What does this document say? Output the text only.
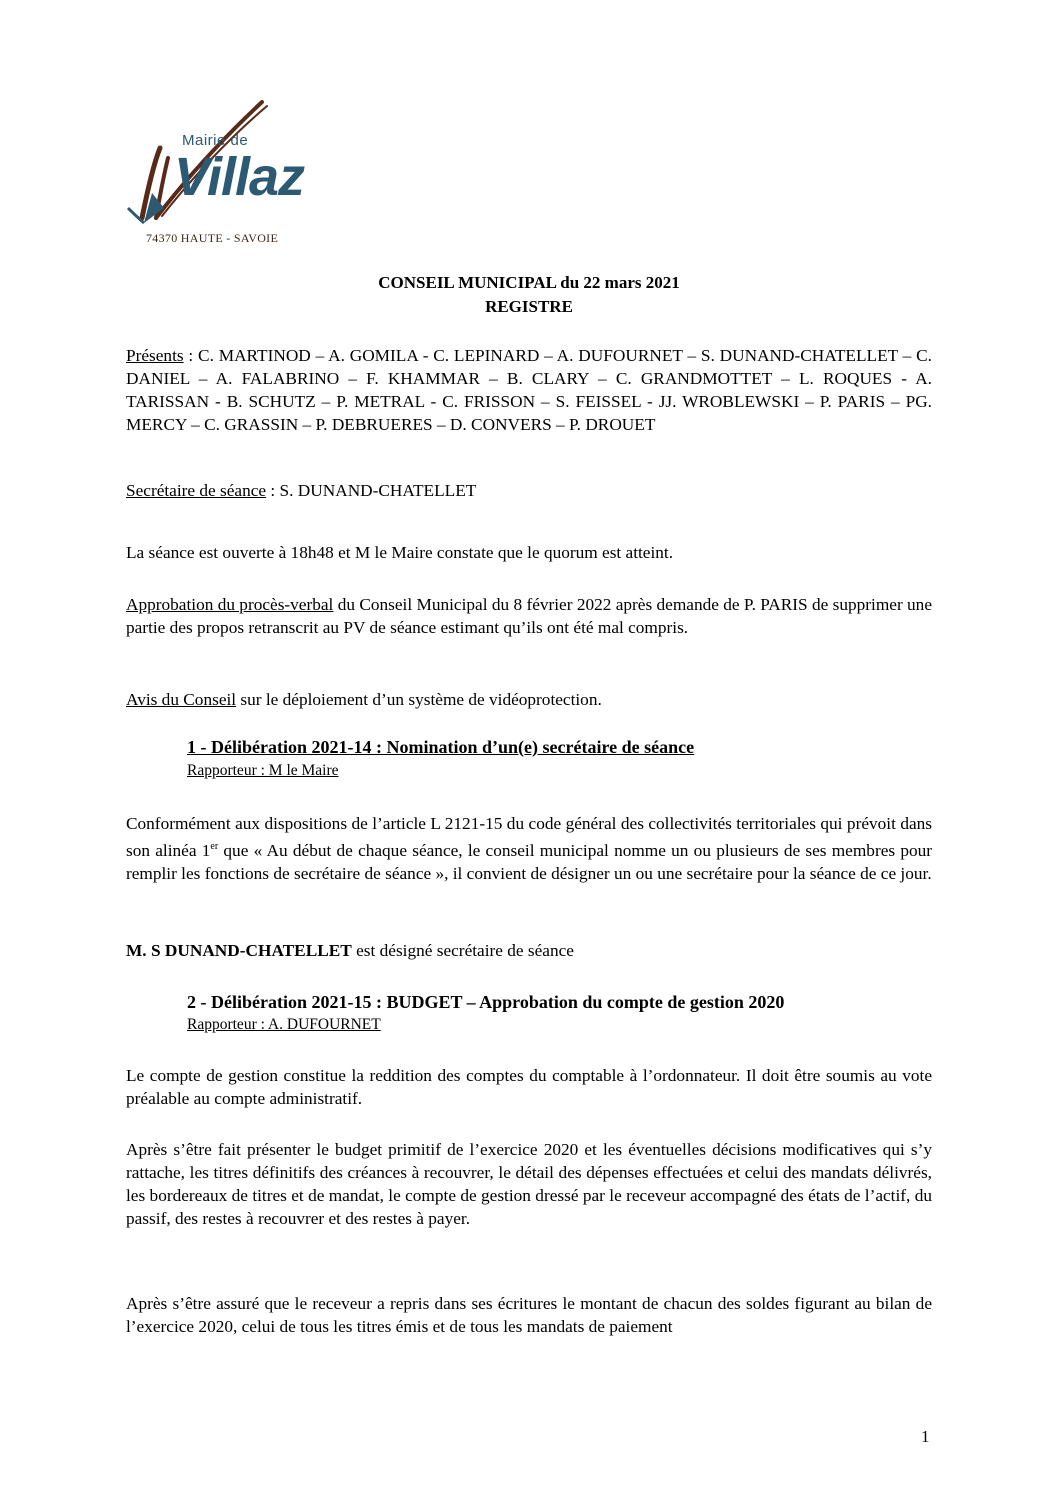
Mairie de
Villaz
74370 HAUTE - SAVOIE
CONSEIL MUNICIPAL du 22 mars 2021
REGISTRE
Présents : C. MARTINOD – A. GOMILA - C. LEPINARD – A. DUFOURNET – S. DUNAND-CHATELLET – C. DANIEL – A. FALABRINO – F. KHAMMAR – B. CLARY – C. GRANDMOTTET – L. ROQUES - A. TARISSAN - B. SCHUTZ – P. METRAL - C. FRISSON – S. FEISSEL - JJ. WROBLEWSKI – P. PARIS – PG. MERCY – C. GRASSIN – P. DEBRUERES – D. CONVERS – P. DROUET
Secrétaire de séance : S. DUNAND-CHATELLET
La séance est ouverte à 18h48 et M le Maire constate que le quorum est atteint.
Approbation du procès-verbal du Conseil Municipal du 8 février 2022 après demande de P. PARIS de supprimer une partie des propos retranscrit au PV de séance estimant qu’ils ont été mal compris.
Avis du Conseil sur le déploiement d’un système de vidéoprotection.
1 - Délibération 2021-14 : Nomination d’un(e) secrétaire de séance
Rapporteur : M le Maire
Conformément aux dispositions de l’article L 2121-15 du code général des collectivités territoriales qui prévoit dans son alinéa 1er que « Au début de chaque séance, le conseil municipal nomme un ou plusieurs de ses membres pour remplir les fonctions de secrétaire de séance », il convient de désigner un ou une secrétaire pour la séance de ce jour.
M. S DUNAND-CHATELLET est désigné secrétaire de séance
2 - Délibération 2021-15 : BUDGET – Approbation du compte de gestion 2020
Rapporteur : A. DUFOURNET
Le compte de gestion constitue la reddition des comptes du comptable à l’ordonnateur. Il doit être soumis au vote préalable au compte administratif.
Après s’être fait présenter le budget primitif de l’exercice 2020 et les éventuelles décisions modificatives qui s’y rattache, les titres définitifs des créances à recouvrer, le détail des dépenses effectuées et celui des mandats délivrés, les bordereaux de titres et de mandat, le compte de gestion dressé par le receveur accompagné des états de l’actif, du passif, des restes à recouvrer et des restes à payer.
Après s’être assuré que le receveur a repris dans ses écritures le montant de chacun des soldes figurant au bilan de l’exercice 2020, celui de tous les titres émis et de tous les mandats de paiement
1
